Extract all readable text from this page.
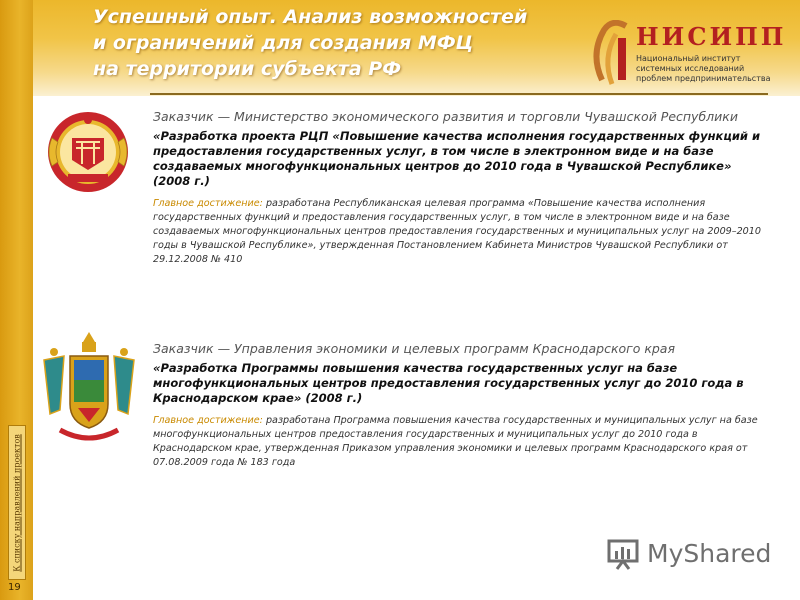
К списку направлений проектов
19
Успешный опыт. Анализ возможностей
и ограничений для создания МФЦ
на территории субъекта РФ
НИСИПП
Национальный институт
системных исследований
проблем предпринимательства
Заказчик — Министерство экономического развития и торговли Чувашской Республики
«Разработка проекта РЦП «Повышение качества исполнения государственных функций и предоставления государственных услуг, в том числе в электронном виде и на базе создаваемых многофункциональных центров до 2010 года в Чувашской Республике» (2008 г.)
Главное достижение: разработана Республиканская целевая программа «Повышение качества исполнения государственных функций и предоставления государственных услуг, в том числе в электронном виде и на базе создаваемых многофункциональных центров предоставления государственных и муниципальных услуг на 2009–2010 годы в Чувашской Республике», утвержденная Постановлением Кабинета Министров Чувашской Республики от 29.12.2008 № 410
Заказчик — Управления экономики и целевых программ Краснодарского края
«Разработка Программы повышения качества государственных услуг на базе многофункциональных центров предоставления государственных услуг до 2010 года в Краснодарском крае» (2008 г.)
Главное достижение: разработана Программа повышения качества государственных и муниципальных услуг на базе многофункциональных центров предоставления государственных и муниципальных услуг до 2010 года в Краснодарском крае, утвержденная Приказом управления экономики и целевых программ Краснодарского края от 07.08.2009 года № 183 года
MyShared
